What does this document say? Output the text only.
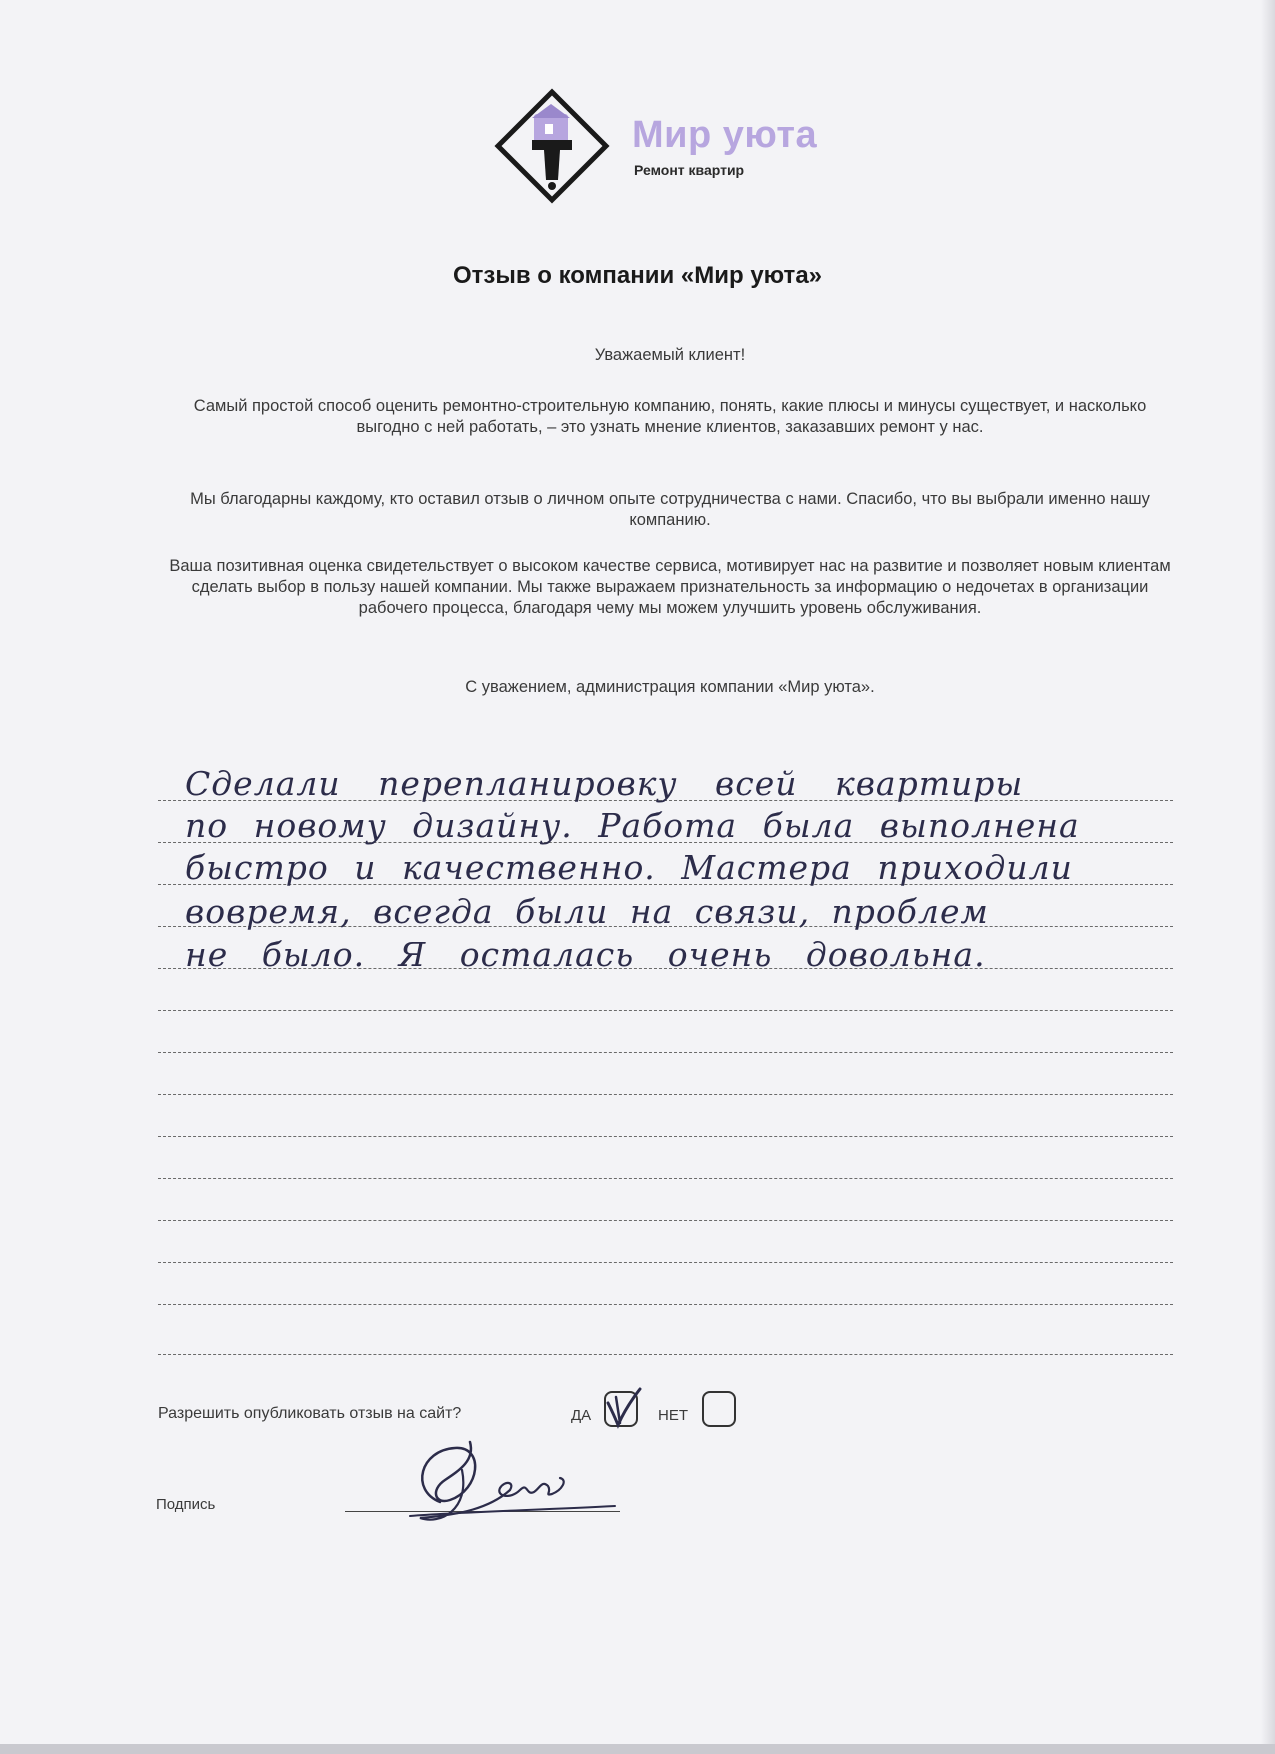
Мир уюта
Ремонт квартир
Отзыв о компании «Мир уюта»
Уважаемый клиент!
Самый простой способ оценить ремонтно-строительную компанию, понять, какие плюсы и минусы существует, и насколько выгодно с ней работать, – это узнать мнение клиентов, заказавших ремонт у нас.
Мы благодарны каждому, кто оставил отзыв о личном опыте сотрудничества с нами. Спасибо, что вы выбрали именно нашу компанию.
Ваша позитивная оценка свидетельствует о высоком качестве сервиса, мотивирует нас на развитие и позволяет новым клиентам сделать выбор в пользу нашей компании. Мы также выражаем признательность за информацию о недочетах в организации рабочего процесса, благодаря чему мы можем улучшить уровень обслуживания.
С уважением, администрация компании «Мир уюта».
Сделали перепланировку всей квартиры
по новому дизайну. Работа была выполнена
быстро и качественно. Мастера приходили
вовремя, всегда были на связи, проблем
не было. Я осталась очень довольна.
Разрешить опубликовать отзыв на сайт?	ДА	НЕТ
Подпись
